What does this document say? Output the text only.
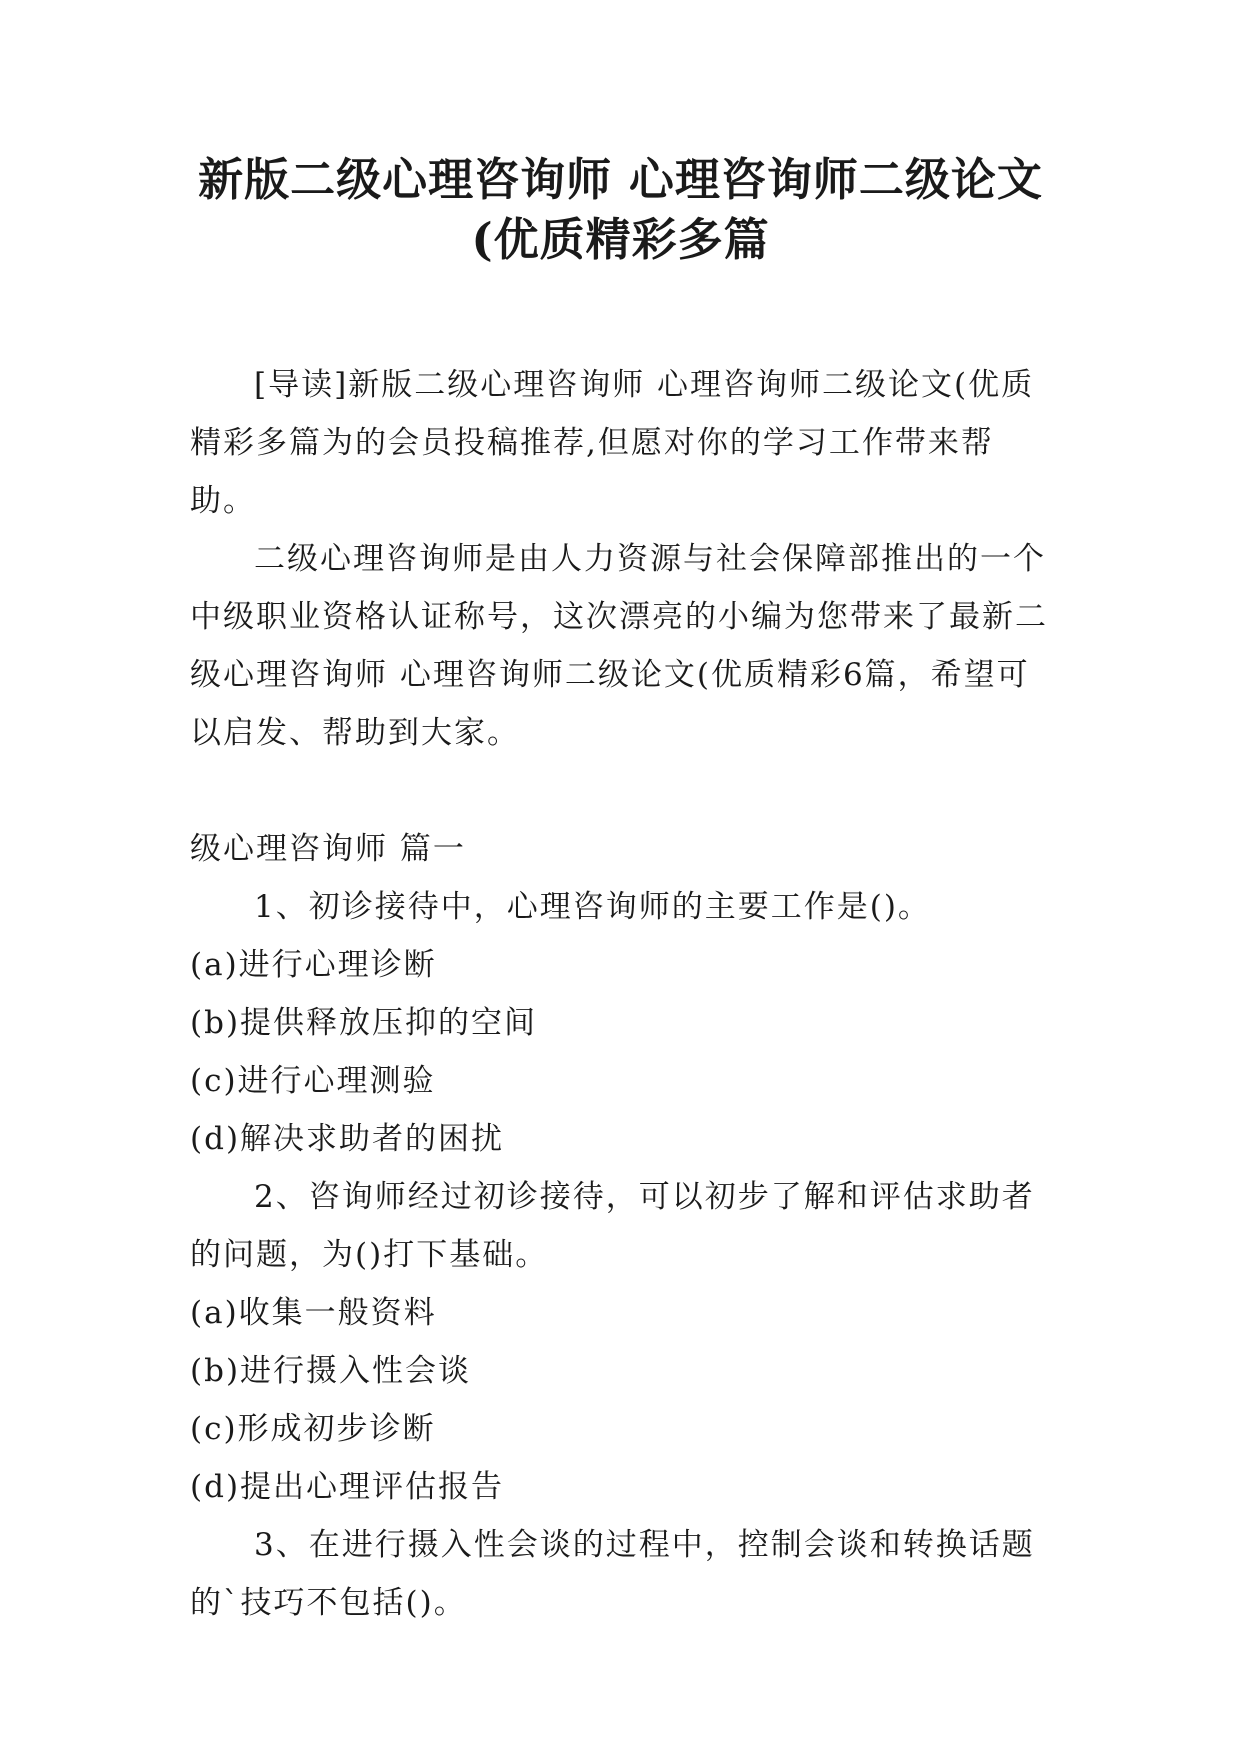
新版二级心理咨询师 心理咨询师二级论文
(优质精彩多篇

[导读]新版二级心理咨询师 心理咨询师二级论文(优质精彩多篇为的会员投稿推荐,但愿对你的学习工作带来帮助。

二级心理咨询师是由人力资源与社会保障部推出的一个中级职业资格认证称号，这次漂亮的小编为您带来了最新二级心理咨询师 心理咨询师二级论文(优质精彩6篇，希望可以启发、帮助到大家。

级心理咨询师 篇一

1、初诊接待中，心理咨询师的主要工作是()。

(a)进行心理诊断

(b)提供释放压抑的空间

(c)进行心理测验

(d)解决求助者的困扰

2、咨询师经过初诊接待，可以初步了解和评估求助者的问题，为()打下基础。

(a)收集一般资料

(b)进行摄入性会谈

(c)形成初步诊断

(d)提出心理评估报告

3、在进行摄入性会谈的过程中，控制会谈和转换话题的`技巧不包括()。
